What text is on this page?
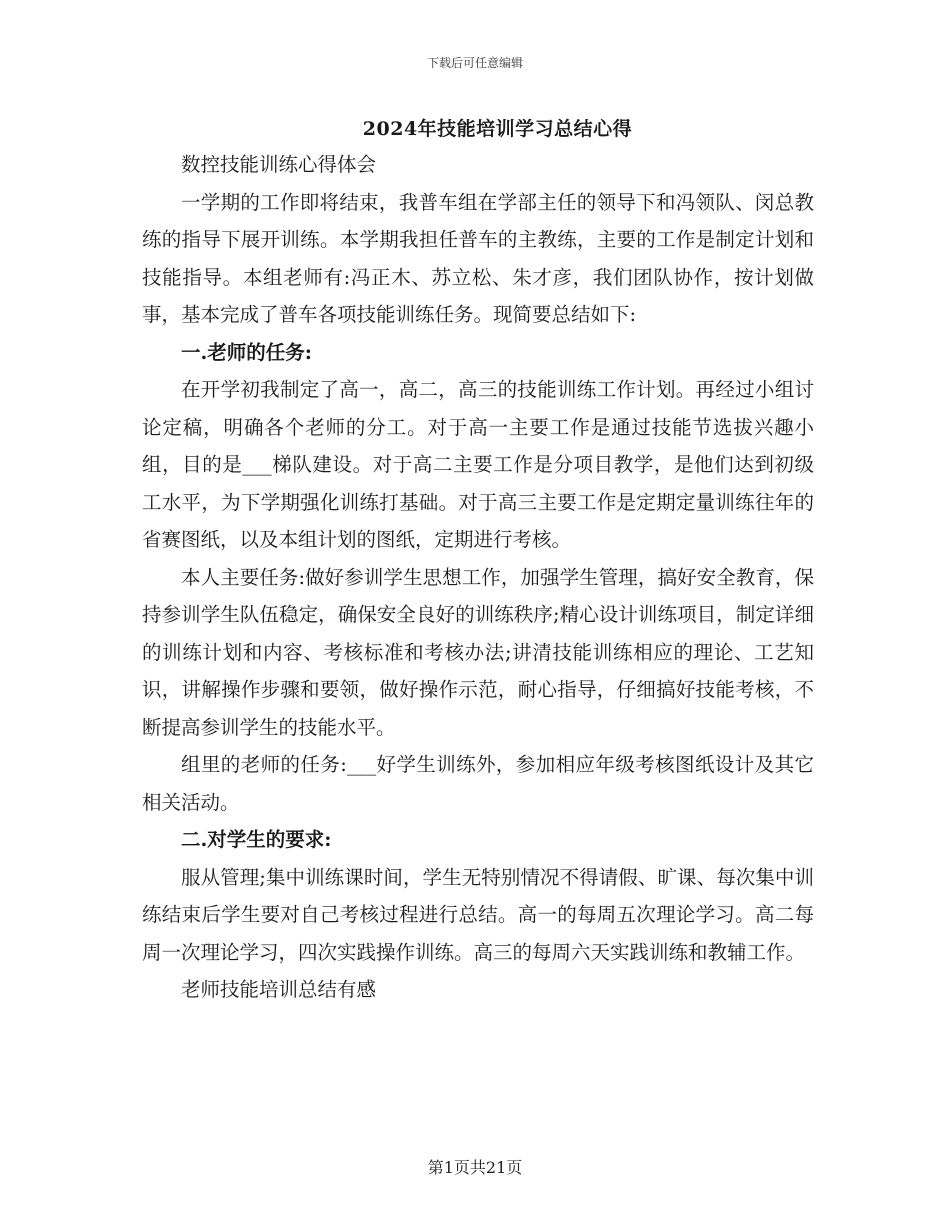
下载后可任意编辑
2024年技能培训学习总结心得

数控技能训练心得体会

一学期的工作即将结束，我普车组在学部主任的领导下和冯领队、闵总教练的指导下展开训练。本学期我担任普车的主教练，主要的工作是制定计划和技能指导。本组老师有:冯正木、苏立松、朱才彦，我们团队协作，按计划做事，基本完成了普车各项技能训练任务。现简要总结如下:

一.老师的任务:

在开学初我制定了高一，高二，高三的技能训练工作计划。再经过小组讨论定稿，明确各个老师的分工。对于高一主要工作是通过技能节选拔兴趣小组，目的是___梯队建设。对于高二主要工作是分项目教学，是他们达到初级工水平，为下学期强化训练打基础。对于高三主要工作是定期定量训练往年的省赛图纸，以及本组计划的图纸，定期进行考核。

本人主要任务:做好参训学生思想工作，加强学生管理，搞好安全教育，保持参训学生队伍稳定，确保安全良好的训练秩序;精心设计训练项目，制定详细的训练计划和内容、考核标准和考核办法;讲清技能训练相应的理论、工艺知识，讲解操作步骤和要领，做好操作示范，耐心指导，仔细搞好技能考核，不断提高参训学生的技能水平。

组里的老师的任务:___好学生训练外，参加相应年级考核图纸设计及其它相关活动。

二.对学生的要求:

服从管理;集中训练课时间，学生无特别情况不得请假、旷课、每次集中训练结束后学生要对自己考核过程进行总结。高一的每周五次理论学习。高二每周一次理论学习，四次实践操作训练。高三的每周六天实践训练和教辅工作。

老师技能培训总结有感

第1页共21页
